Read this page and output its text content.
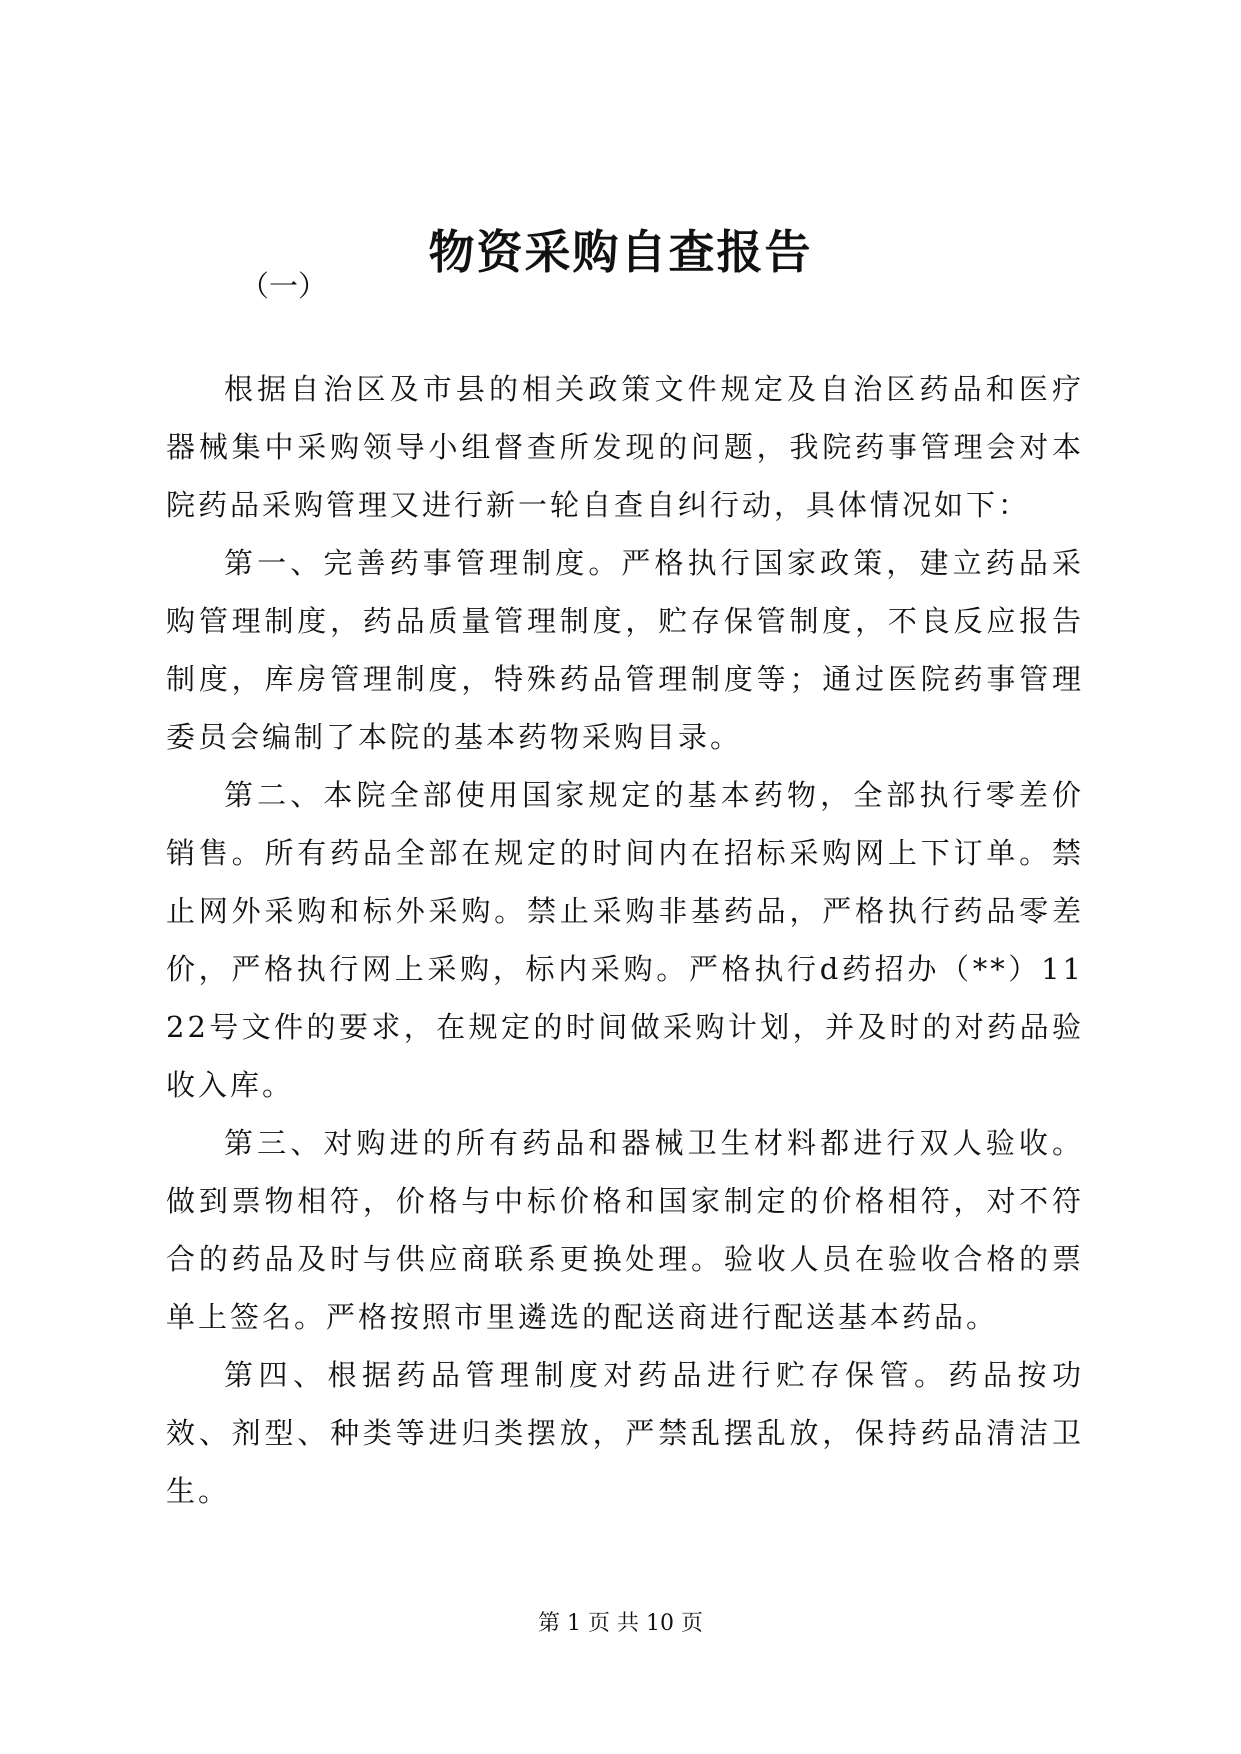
物资采购自查报告

（一）

根据自治区及市县的相关政策文件规定及自治区药品和医疗器械集中采购领导小组督查所发现的问题，我院药事管理会对本院药品采购管理又进行新一轮自查自纠行动，具体情况如下：

第一、完善药事管理制度。严格执行国家政策，建立药品采购管理制度，药品质量管理制度，贮存保管制度，不良反应报告制度，库房管理制度，特殊药品管理制度等；通过医院药事管理委员会编制了本院的基本药物采购目录。

第二、本院全部使用国家规定的基本药物，全部执行零差价销售。所有药品全部在规定的时间内在招标采购网上下订单。禁止网外采购和标外采购。禁止采购非基药品，严格执行药品零差价，严格执行网上采购，标内采购。严格执行d药招办（**）1122号文件的要求，在规定的时间做采购计划，并及时的对药品验收入库。

第三、对购进的所有药品和器械卫生材料都进行双人验收。做到票物相符，价格与中标价格和国家制定的价格相符，对不符合的药品及时与供应商联系更换处理。验收人员在验收合格的票单上签名。严格按照市里遴选的配送商进行配送基本药品。

第四、根据药品管理制度对药品进行贮存保管。药品按功效、剂型、种类等进归类摆放，严禁乱摆乱放，保持药品清洁卫生。

第 1 页 共 10 页
